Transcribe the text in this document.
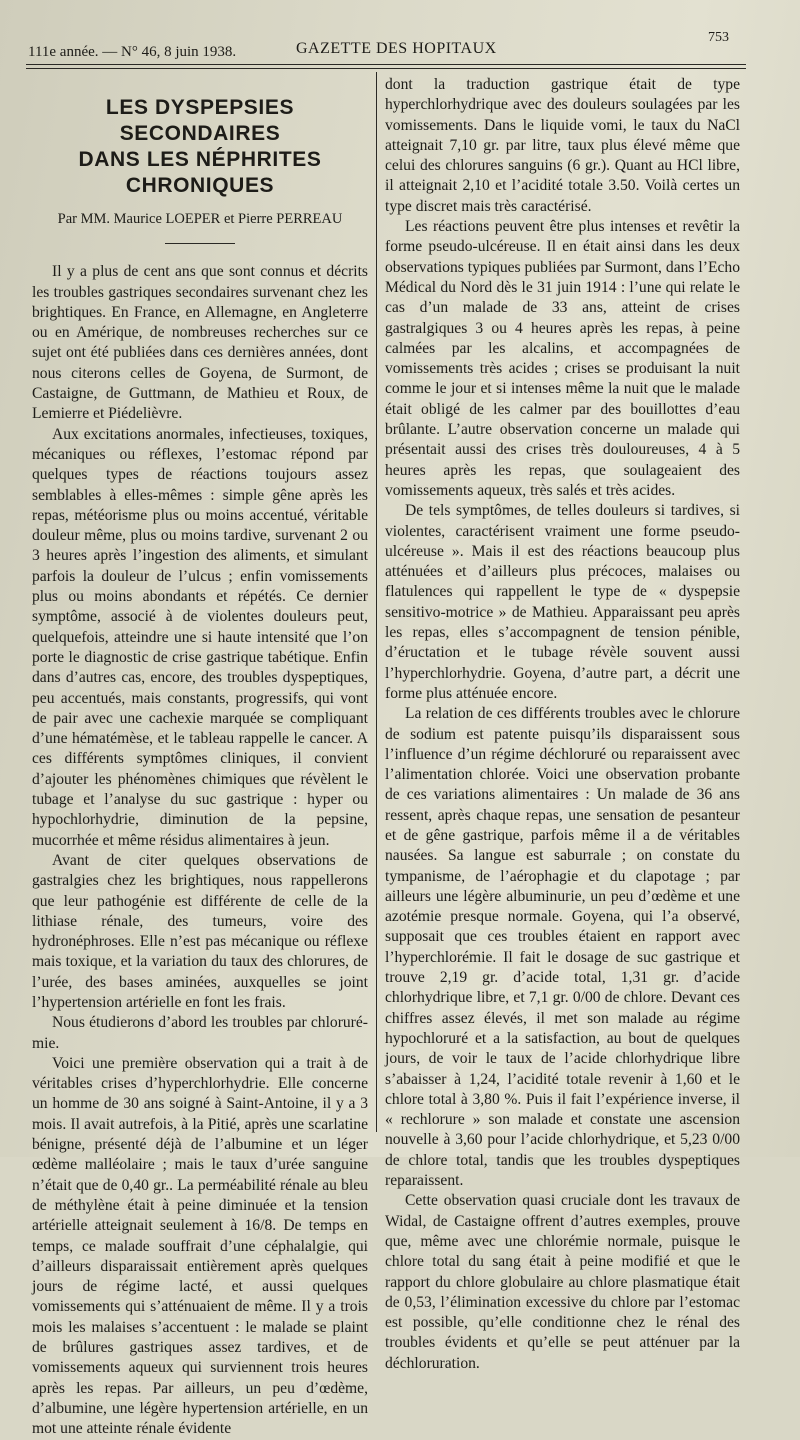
111e année. — N° 46, 8 juin 1938.	GAZETTE DES HOPITAUX
753
LES DYSPEPSIES SECONDAIRES
DANS LES NÉPHRITES CHRONIQUES
Par MM. Maurice LOEPER et Pierre PERREAU

Il y a plus de cent ans que sont connus et décrits les troubles gastriques secondaires survenant chez les brightiques. En France, en Allemagne, en Angleterre ou en Amérique, de nombreuses recherches sur ce sujet ont été publiées dans ces dernières années, dont nous citerons celles de Goyena, de Surmont, de Castaigne, de Guttmann, de Mathieu et Roux, de Lemierre et Piédelièvre.

Aux excitations anormales, infectieuses, toxiques, mécaniques ou réflexes, l’estomac répond par quelques types de réactions toujours assez semblables à elles-mêmes : simple gêne après les repas, météorisme plus ou moins accentué, véritable douleur même, plus ou moins tardive, survenant 2 ou 3 heures après l’ingestion des aliments, et simulant parfois la douleur de l’ulcus ; enfin vomissements plus ou moins abondants et répétés. Ce dernier symptôme, associé à de violentes douleurs peut, quelquefois, atteindre une si haute intensité que l’on porte le diagnostic de crise gastrique tabétique. Enfin dans d’autres cas, encore, des troubles dyspeptiques, peu accentués, mais constants, progressifs, qui vont de pair avec une cachexie marquée se compliquant d’une hématémèse, et le tableau rappelle le cancer. A ces différents symptômes cliniques, il convient d’ajouter les phénomènes chimiques que révèlent le tubage et l’analyse du suc gastrique : hyper ou hypochlorhydrie, diminution de la pepsine, mucorrhée et même résidus alimentaires à jeun.

Avant de citer quelques observations de gastralgies chez les brightiques, nous rappellerons que leur pathogénie est différente de celle de la lithiase rénale, des tumeurs, voire des hydronéphroses. Elle n’est pas mécanique ou réflexe mais toxique, et la variation du taux des chlorures, de l’urée, des bases aminées, auxquelles se joint l’hypertension artérielle en font les frais.

Nous étudierons d’abord les troubles par chloruré-mie.

Voici une première observation qui a trait à de véritables crises d’hyperchlorhydrie. Elle concerne un homme de 30 ans soigné à Saint-Antoine, il y a 3 mois. Il avait autrefois, à la Pitié, après une scarlatine bénigne, présenté déjà de l’albumine et un léger œdème malléolaire ; mais le taux d’urée sanguine n’était que de 0,40 gr.. La perméabilité rénale au bleu de méthylène était à peine diminuée et la tension artérielle atteignait seulement à 16/8. De temps en temps, ce malade souffrait d’une céphalalgie, qui d’ailleurs disparaissait entièrement après quelques jours de régime lacté, et aussi quelques vomissements qui s’atténuaient de même. Il y a trois mois les malaises s’accentuent : le malade se plaint de brûlures gastriques assez tardives, et de vomissements aqueux qui surviennent trois heures après les repas. Par ailleurs, un peu d’œdème, d’albumine, une légère hypertension artérielle, en un mot une atteinte rénale évidente

dont la traduction gastrique était de type hyperchlorhydrique avec des douleurs soulagées par les vomissements. Dans le liquide vomi, le taux du NaCl atteignait 7,10 gr. par litre, taux plus élevé même que celui des chlorures sanguins (6 gr.). Quant au HCl libre, il atteignait 2,10 et l’acidité totale 3.50. Voilà certes un type discret mais très caractérisé.

Les réactions peuvent être plus intenses et revêtir la forme pseudo-ulcéreuse. Il en était ainsi dans les deux observations typiques publiées par Surmont, dans l’Echo Médical du Nord dès le 31 juin 1914 : l’une qui relate le cas d’un malade de 33 ans, atteint de crises gastralgiques 3 ou 4 heures après les repas, à peine calmées par les alcalins, et accompagnées de vomissements très acides ; crises se produisant la nuit comme le jour et si intenses même la nuit que le malade était obligé de les calmer par des bouillottes d’eau brûlante. L’autre observation concerne un malade qui présentait aussi des crises très douloureuses, 4 à 5 heures après les repas, que soulageaient des vomissements aqueux, très salés et très acides.

De tels symptômes, de telles douleurs si tardives, si violentes, caractérisent vraiment une forme pseudo-ulcéreuse ». Mais il est des réactions beaucoup plus atténuées et d’ailleurs plus précoces, malaises ou flatulences qui rappellent le type de « dyspepsie sensitivo-motrice » de Mathieu. Apparaissant peu après les repas, elles s’accompagnent de tension pénible, d’éructation et le tubage révèle souvent aussi l’hyperchlorhydrie. Goyena, d’autre part, a décrit une forme plus atténuée encore.

La relation de ces différents troubles avec le chlorure de sodium est patente puisqu’ils disparaissent sous l’influence d’un régime déchloruré ou reparaissent avec l’alimentation chlorée. Voici une observation probante de ces variations alimentaires : Un malade de 36 ans ressent, après chaque repas, une sensation de pesanteur et de gêne gastrique, parfois même il a de véritables nausées. Sa langue est saburrale ; on constate du tympanisme, de l’aérophagie et du clapotage ; par ailleurs une légère albuminurie, un peu d’œdème et une azotémie presque normale. Goyena, qui l’a observé, supposait que ces troubles étaient en rapport avec l’hyperchlorémie. Il fait le dosage de suc gastrique et trouve 2,19 gr. d’acide total, 1,31 gr. d’acide chlorhydrique libre, et 7,1 gr. 0/00 de chlore. Devant ces chiffres assez élevés, il met son malade au régime hypochloruré et a la satisfaction, au bout de quelques jours, de voir le taux de l’acide chlorhydrique libre s’abaisser à 1,24, l’acidité totale revenir à 1,60 et le chlore total à 3,80 %. Puis il fait l’expérience inverse, il « rechlorure » son malade et constate une ascension nouvelle à 3,60 pour l’acide chlorhydrique, et 5,23 0/00 de chlore total, tandis que les troubles dyspeptiques reparaissent.

Cette observation quasi cruciale dont les travaux de Widal, de Castaigne offrent d’autres exemples, prouve que, même avec une chlorémie normale, puisque le chlore total du sang était à peine modifié et que le rapport du chlore globulaire au chlore plasmatique était de 0,53, l’élimination excessive du chlore par l’estomac est possible, qu’elle conditionne chez le rénal des troubles évidents et qu’elle se peut atténuer par la déchloruration.
